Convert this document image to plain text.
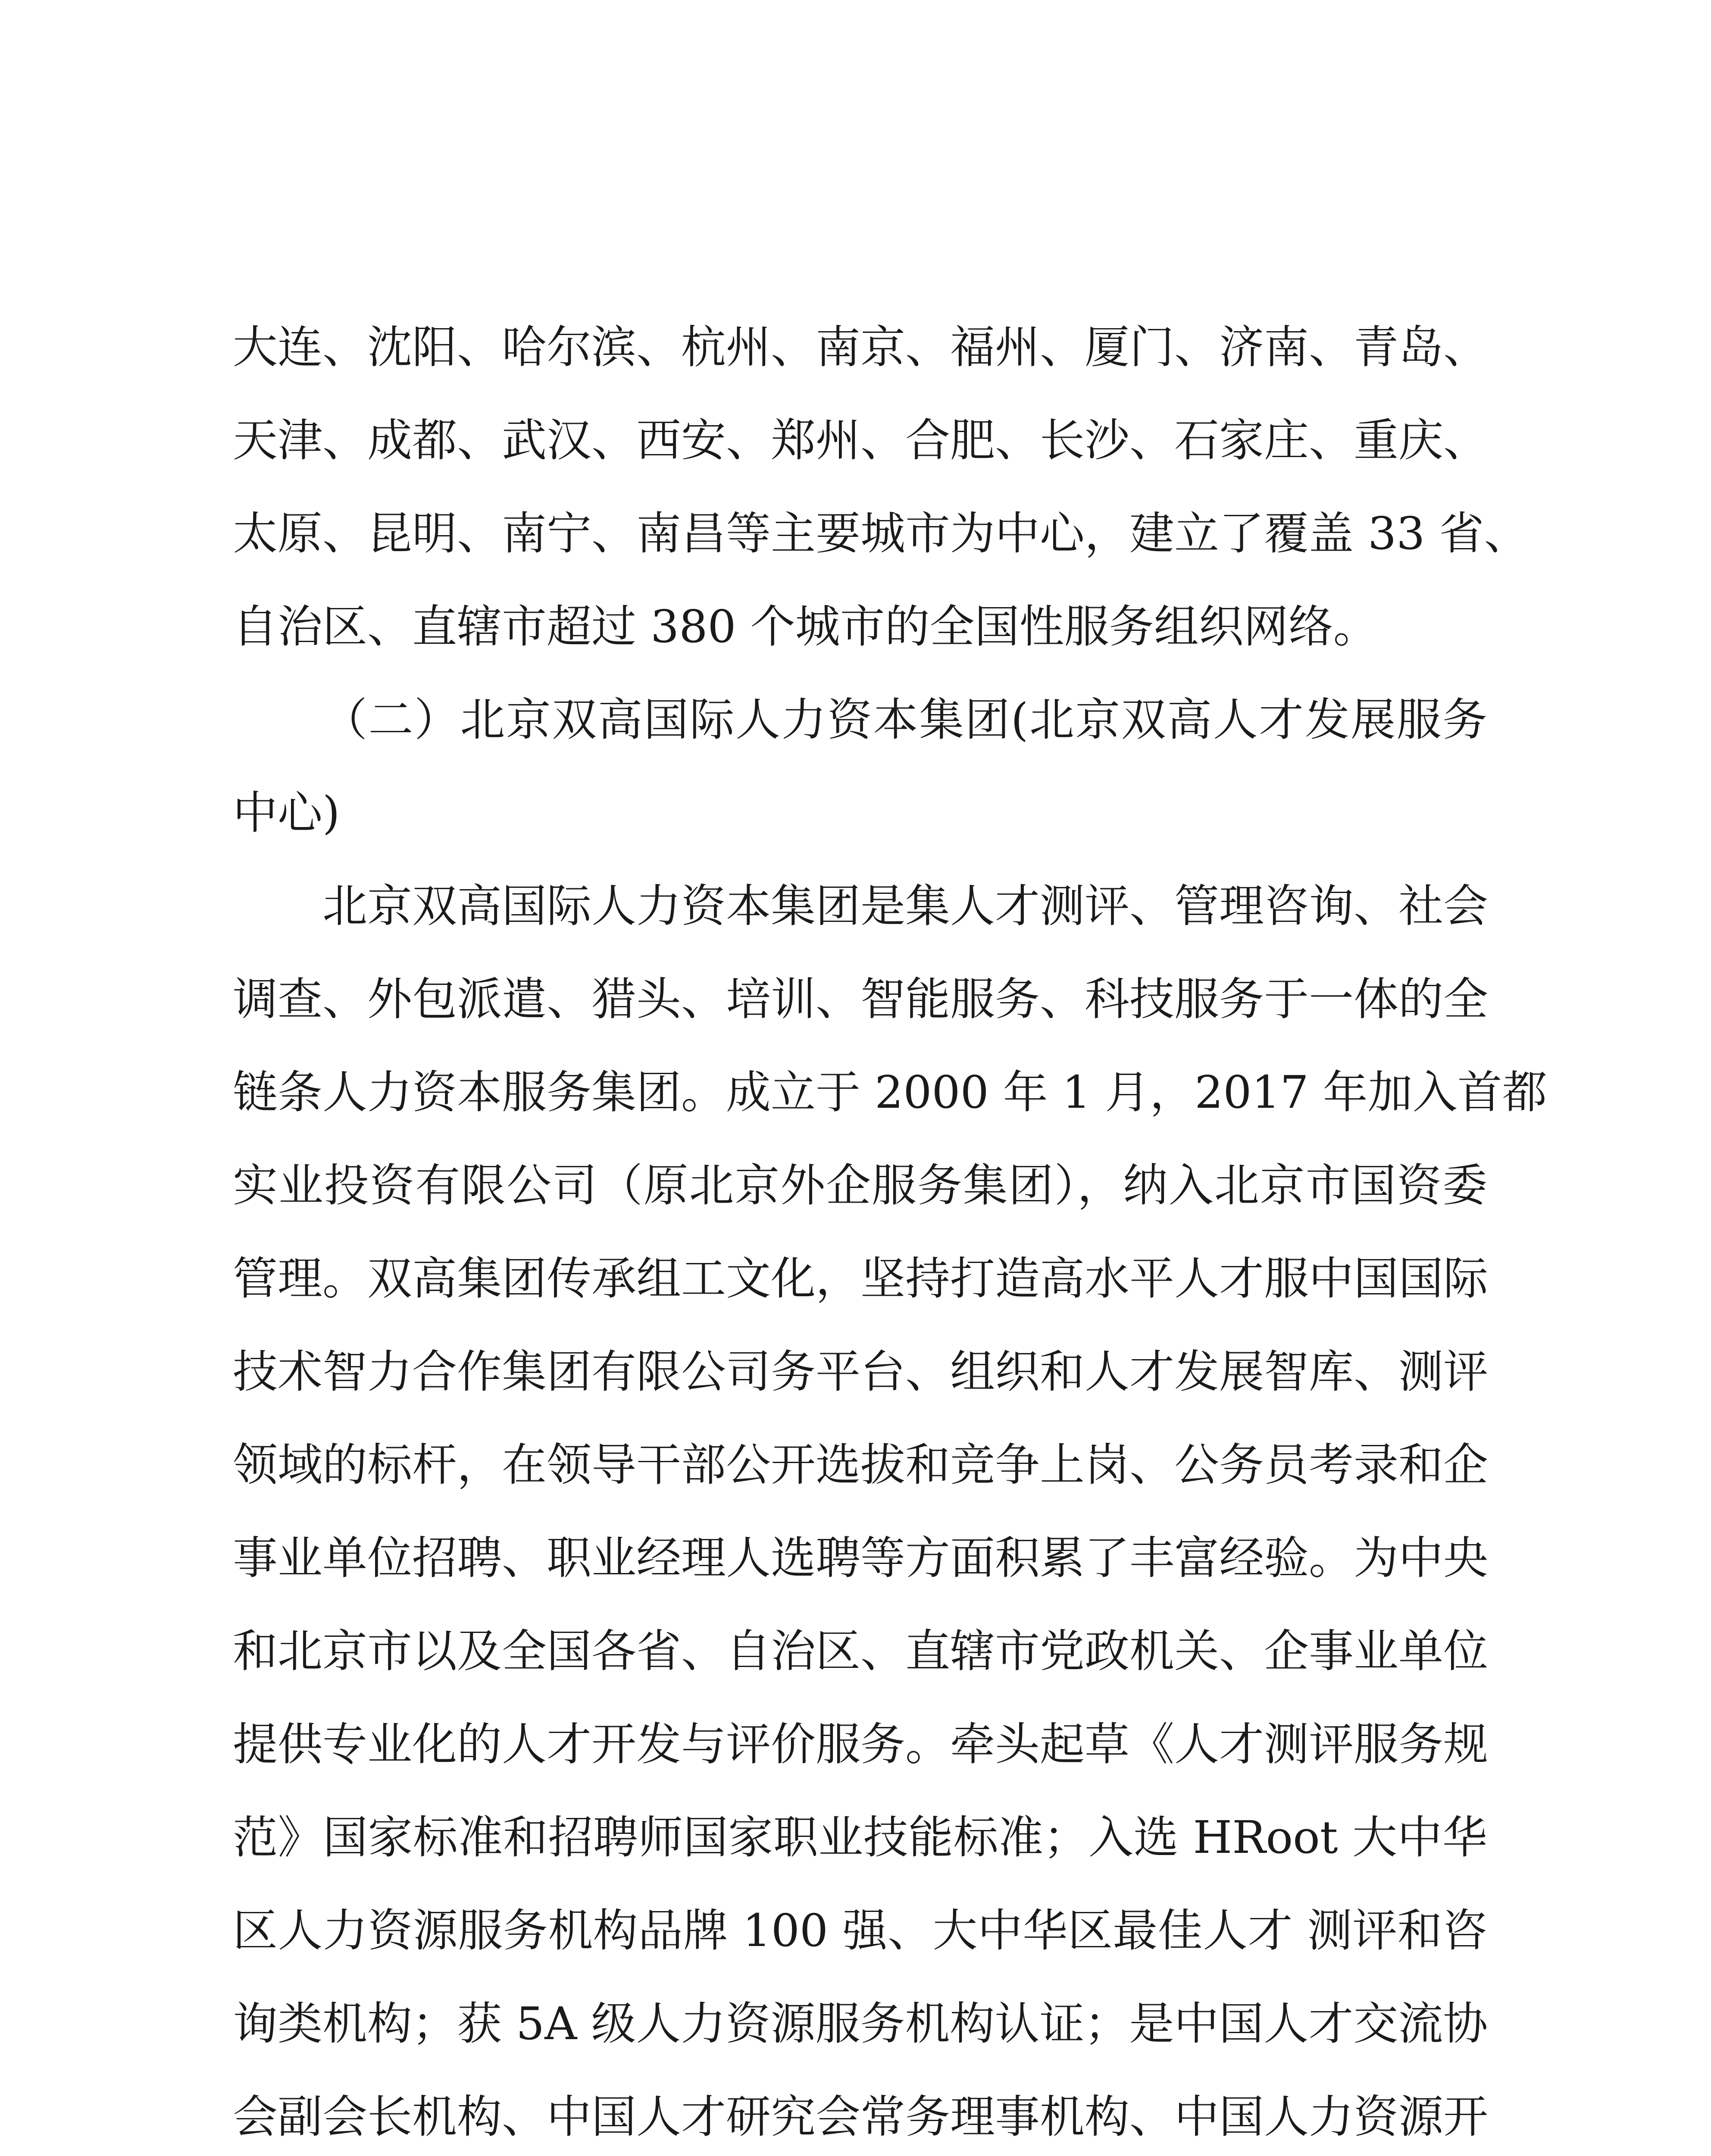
大连、沈阳、哈尔滨、杭州、南京、福州、厦门、济南、青岛、
天津、成都、武汉、西安、郑州、合肥、长沙、石家庄、重庆、
太原、昆明、南宁、南昌等主要城市为中心，建立了覆盖 33 省、
自治区、直辖市超过 380 个城市的全国性服务组织网络。
（二）北京双高国际人力资本集团(北京双高人才发展服务
中心)
北京双高国际人力资本集团是集人才测评、管理咨询、社会
调查、外包派遣、猎头、培训、智能服务、科技服务于一体的全
链条人力资本服务集团。成立于 2000 年 1 月，2017 年加入首都
实业投资有限公司（原北京外企服务集团），纳入北京市国资委
管理。双高集团传承组工文化，坚持打造高水平人才服中国国际
技术智力合作集团有限公司务平台、组织和人才发展智库、测评
领域的标杆，在领导干部公开选拔和竞争上岗、公务员考录和企
事业单位招聘、职业经理人选聘等方面积累了丰富经验。为中央
和北京市以及全国各省、自治区、直辖市党政机关、企事业单位
提供专业化的人才开发与评价服务。牵头起草《人才测评服务规
范》国家标准和招聘师国家职业技能标准；入选 HRoot 大中华
区人力资源服务机构品牌 100 强、大中华区最佳人才 测评和咨
询类机构；获 5A 级人力资源服务机构认证；是中国人才交流协
会副会长机构、中国人才研究会常务理事机构、中国人力资源开
